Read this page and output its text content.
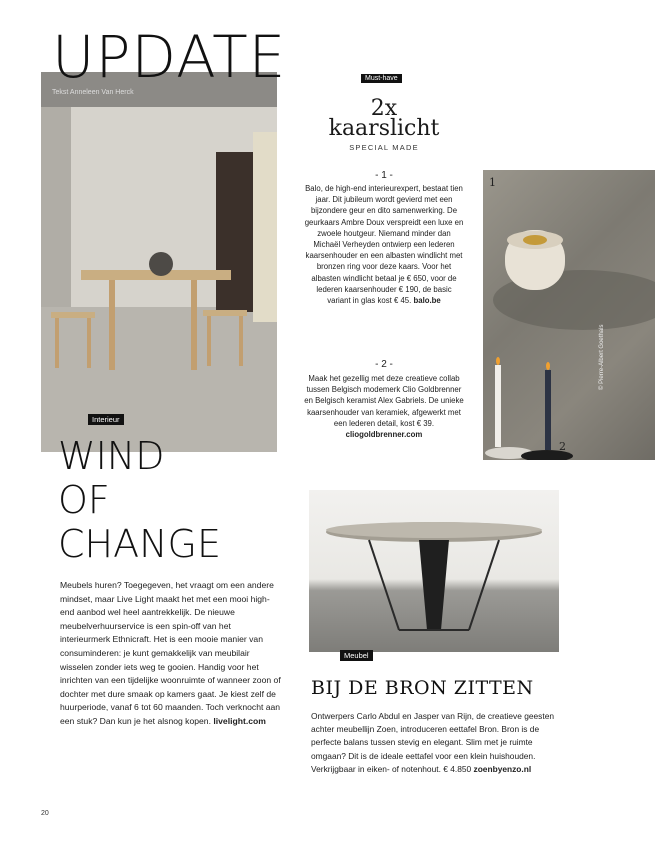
UPDATE
Tekst Anneleen Van Herck
Interieur
WIND
OF
CHANGE
Meubels huren? Toegegeven, het vraagt om een andere mindset, maar Live Light maakt het met een mooi high-end aanbod wel heel aantrekkelijk. De nieuwe meubelverhuurservice is een spin-off van het interieurmerk Ethnicraft. Het is een mooie manier van consuminderen: je kunt gemakkelijk van meubilair wisselen zonder iets weg te gooien. Handig voor het inrichten van een tijdelijke woonruimte of wanneer zoon of dochter met dure smaak op kamers gaat. Je kiest zelf de huurperiode, vanaf 6 tot 60 maanden. Toch verknocht aan een stuk? Dan kun je het alsnog kopen. livelight.com
Must-have
2x
kaarslicht
SPECIAL MADE
- 1 -
Balo, de high-end interieurexpert, bestaat tien jaar. Dit jubileum wordt gevierd met een bijzondere geur en dito samenwerking. De geurkaars Ambre Doux verspreidt een luxe en zwoele houtgeur. Niemand minder dan Michaël Verheyden ontwierp een lederen kaarsenhouder en een albasten windlicht met bronzen ring voor deze kaars. Voor het albasten windlicht betaal je € 650, voor de lederen kaarsenhouder € 190, de basic variant in glas kost € 45. balo.be
- 2 -
Maak het gezellig met deze creatieve collab tussen Belgisch modemerk Clio Goldbrenner en Belgisch keramist Alex Gabriels. De unieke kaarsenhouder van keramiek, afgewerkt met een lederen detail, kost € 39. cliogoldbrenner.com
1
2
© Pierre-Albert Goethals
Meubel
BIJ DE BRON ZITTEN
Ontwerpers Carlo Abdul en Jasper van Rijn, de creatieve geesten achter meubellijn Zoen, introduceren eettafel Bron. Bron is de perfecte balans tussen stevig en elegant. Slim met je ruimte omgaan? Dit is de ideale eettafel voor een klein huishouden. Verkrijgbaar in eiken- of notenhout. € 4.850 zoenbyenzo.nl
20
